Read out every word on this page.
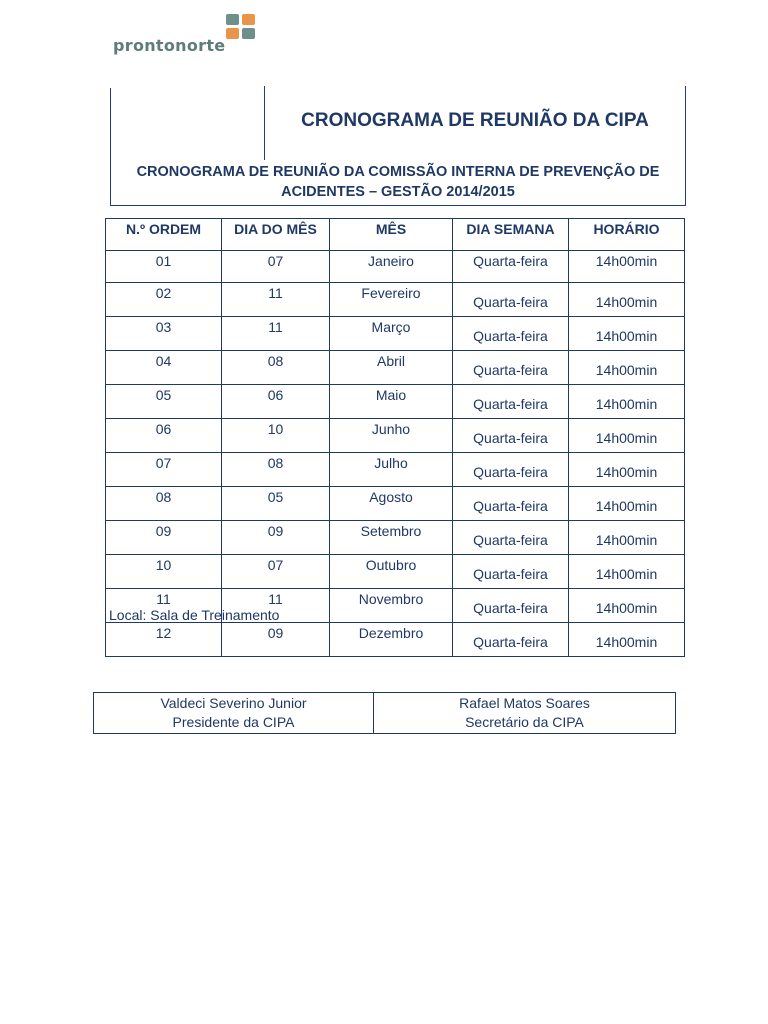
prontonorte
CRONOGRAMA DE REUNIÃO DA CIPA
CRONOGRAMA DE REUNIÃO DA COMISSÃO INTERNA DE PREVENÇÃO DE
ACIDENTES – GESTÃO 2014/2015
N.º ORDEM	DIA DO MÊS	MÊS	DIA SEMANA	HORÁRIO
01	07	Janeiro	Quarta-feira	14h00min
02	11	Fevereiro	Quarta-feira	14h00min
03	11	Março	Quarta-feira	14h00min
04	08	Abril	Quarta-feira	14h00min
05	06	Maio	Quarta-feira	14h00min
06	10	Junho	Quarta-feira	14h00min
07	08	Julho	Quarta-feira	14h00min
08	05	Agosto	Quarta-feira	14h00min
09	09	Setembro	Quarta-feira	14h00min
10	07	Outubro	Quarta-feira	14h00min
11	11	Novembro	Quarta-feira	14h00min
12	09	Dezembro	Quarta-feira	14h00min
Local: Sala de Treinamento
Valdeci Severino Junior
Presidente da CIPA

Rafael Matos Soares
Secretário da CIPA
